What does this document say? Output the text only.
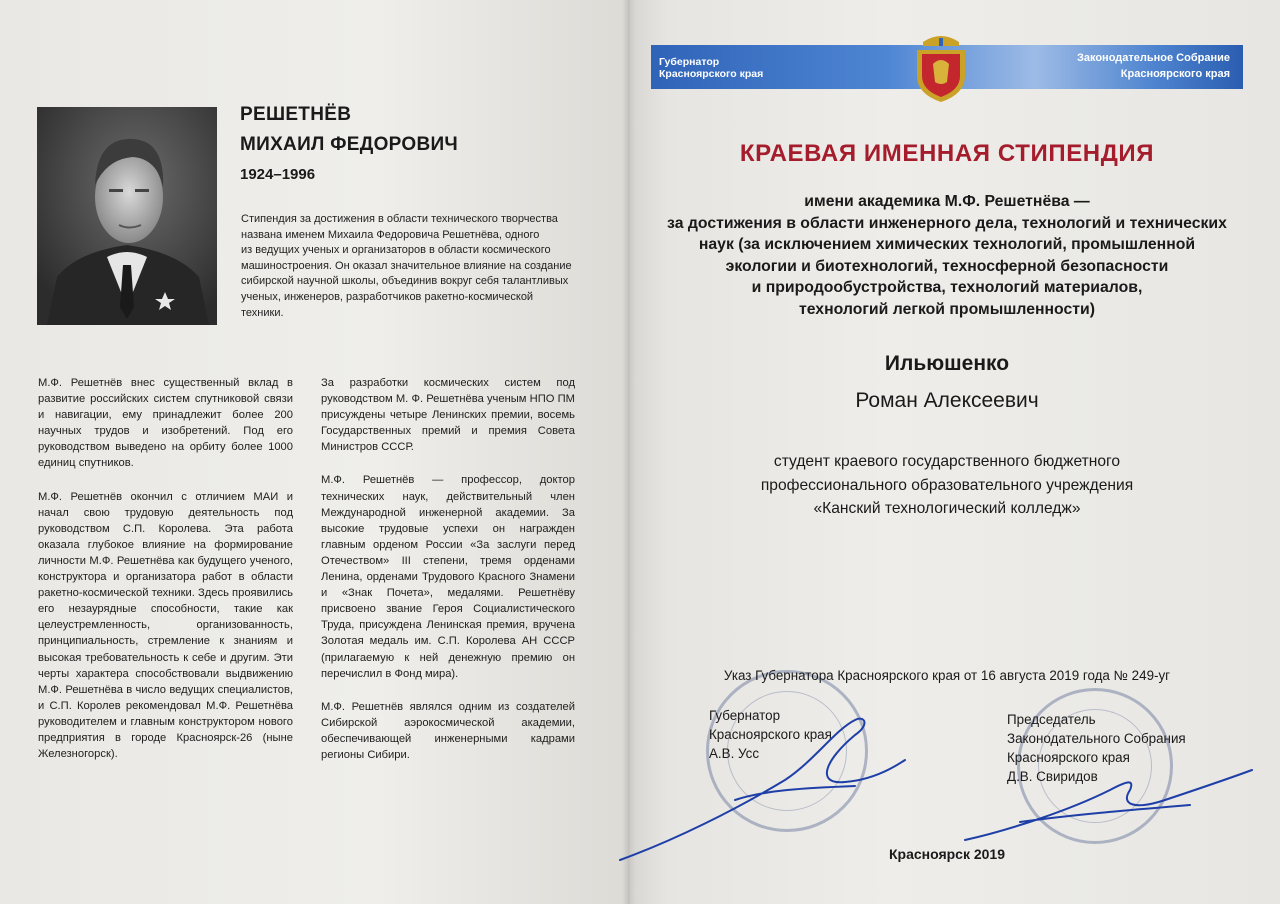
РЕШЕТНЁВ
МИХАИЛ ФЕДОРОВИЧ
1924–1996
Стипендия за достижения в области технического творчества
названа именем Михаила Федоровича Решетнёва, одного
из ведущих ученых и организаторов в области космического
машиностроения. Он оказал значительное влияние на создание
сибирской научной школы, объединив вокруг себя талантливых
ученых, инженеров, разработчиков ракетно-космической
техники.

М.Ф. Решетнёв внес существенный вклад в развитие российских систем спутниковой связи и навигации, ему принадлежит более 200 научных трудов и изобретений. Под его руководством выведено на орбиту более 1000 единиц спутников.

М.Ф. Решетнёв окончил с отличием МАИ и начал свою трудовую деятельность под руководством С.П. Королева. Эта работа оказала глубокое влияние на формирование личности М.Ф. Решетнёва как будущего ученого, конструктора и организатора работ в области ракетно-космической техники. Здесь проявились его незаурядные способности, такие как целеустремленность, организованность, принципиальность, стремление к знаниям и высокая требовательность к себе и другим. Эти черты характера способствовали выдвижению М.Ф. Решетнёва в число ведущих специалистов, и С.П. Королев рекомендовал М.Ф. Решетнёва руководителем и главным конструктором нового предприятия в городе Красноярск-26 (ныне Железногорск).

За разработки космических систем под руководством М. Ф. Решетнёва ученым НПО ПМ присуждены четыре Ленинских премии, восемь Государственных премий и премия Совета Министров СССР.

М.Ф. Решетнёв — профессор, доктор технических наук, действительный член Международной инженерной академии. За высокие трудовые успехи он награжден главным орденом России «За заслуги перед Отечеством» III степени, тремя орденами Ленина, орденами Трудового Красного Знамени и «Знак Почета», медалями. Решетнёву присвоено звание Героя Социалистического Труда, присуждена Ленинская премия, вручена Золотая медаль им. С.П. Королева АН СССР (прилагаемую к ней денежную премию он перечислил в Фонд мира).

М.Ф. Решетнёв являлся одним из создателей Сибирской аэрокосмической академии, обеспечивающей инженерными кадрами регионы Сибири.

Губернатор
Красноярского края
Законодательное Собрание
Красноярского края
КРАЕВАЯ ИМЕННАЯ СТИПЕНДИЯ
имени академика М.Ф. Решетнёва —
за достижения в области инженерного дела, технологий и технических
наук (за исключением химических технологий, промышленной
экологии и биотехнологий, техносферной безопасности
и природообустройства, технологий материалов,
технологий легкой промышленности)
Ильюшенко
Роман Алексеевич
студент краевого государственного бюджетного
профессионального образовательного учреждения
«Канский технологический колледж»
Указ Губернатора Красноярского края от 16 августа 2019 года № 249-уг
Губернатор
Красноярского края
А.В. Усс
Председатель
Законодательного Собрания
Красноярского края
Д.В. Свиридов
Красноярск 2019
